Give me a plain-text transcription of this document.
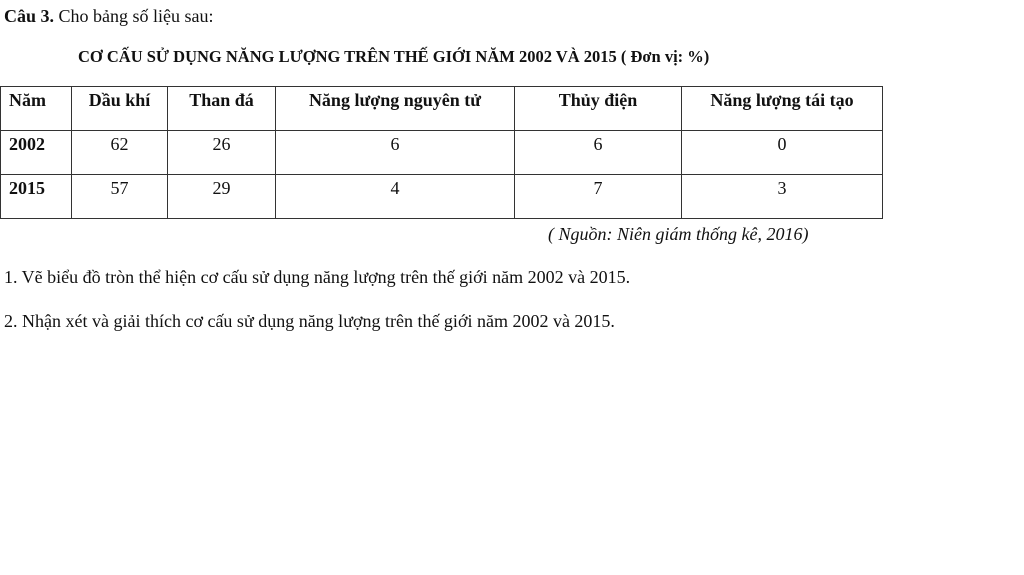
Câu 3. Cho bảng số liệu sau:
CƠ CẤU SỬ DỤNG NĂNG LƯỢNG TRÊN THẾ GIỚI NĂM 2002 VÀ 2015 ( Đơn vị: %)
Năm	Dầu khí	Than đá	Năng lượng nguyên tử	Thủy điện	Năng lượng tái tạo
2002	62	26	6	6	0
2015	57	29	4	7	3
( Nguồn: Niên giám thống kê, 2016)
1. Vẽ biểu đồ tròn thể hiện cơ cấu sử dụng năng lượng trên thế giới năm 2002 và 2015.
2. Nhận xét và giải thích cơ cấu sử dụng năng lượng trên thế giới năm 2002 và 2015.
